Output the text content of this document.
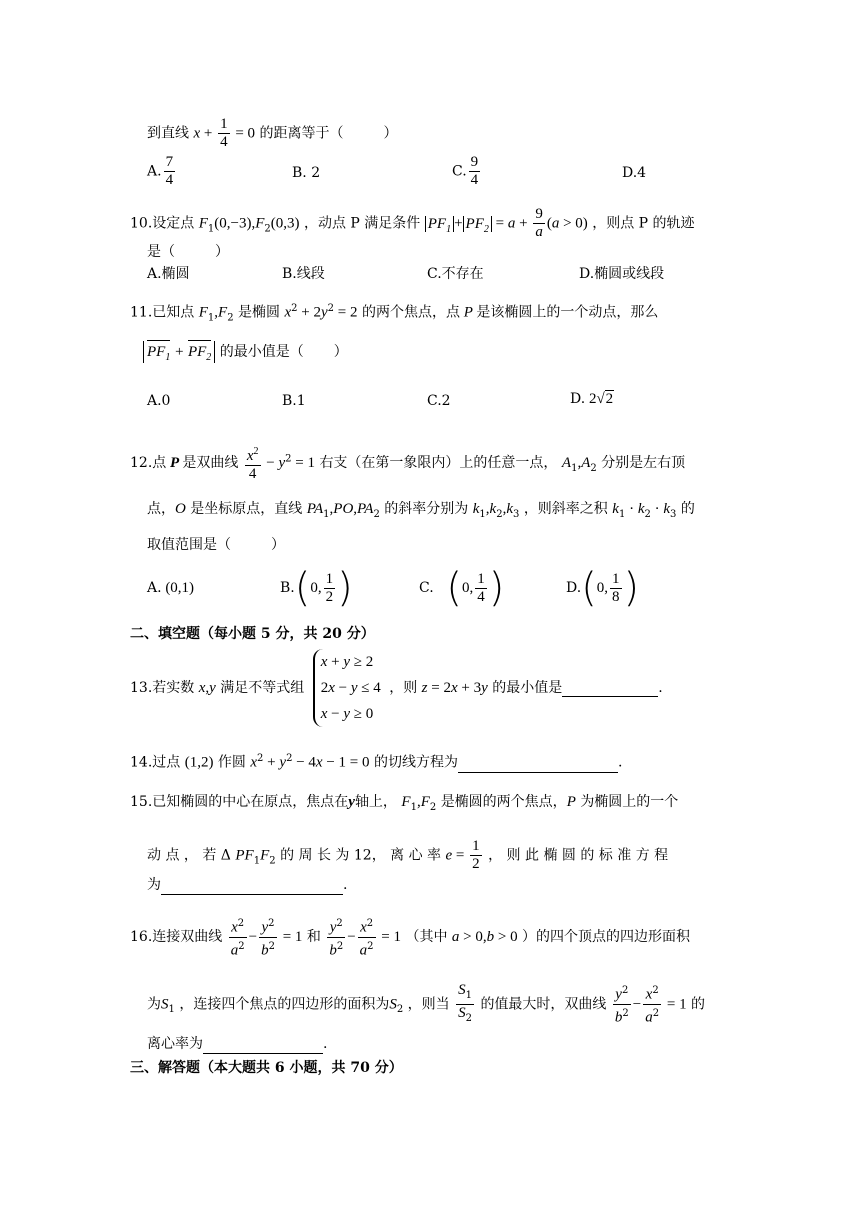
到直线 $x + \frac{1}{4} = 0$ 的距离等于（	）
A. $\frac{7}{4}$	B. 2	C. $\frac{9}{4}$	D.4
10.设定点 $F_1(0,-3),F_2(0,3)$ ，动点 P 满足条件 $PF_1 + PF_2 = a + \frac{9}{a} (a > 0)$ ，则点 P 的轨迹
是（	）
A.椭圆	B.线段	C.不存在	D.椭圆或线段
11.已知点 $F_1,F_2$ 是椭圆 $x^2 + 2y^2 = 2$ 的两个焦点，点 P 是该椭圆上的一个动点，那么
$PF_1 + PF_2$ 的最小值是（ ）
A.0	B.1	C.2	D. 2√2
12.点 P 是双曲线 $\frac{x^2}{4} - y^2 = 1$ 右支（在第一象限内）上的任意一点， $A_1,A_2$ 分别是左右顶
点，O 是坐标原点，直线 $PA_1,PO,PA_2$ 的斜率分别为 $k_1,k_2,k_3$ ，则斜率之积 $k_1 \cdot k_2 \cdot k_3$ 的
取值范围是（	）
A. (0,1)	B.(0, $\frac{1}{2}$ )	C. (0, $\frac{1}{4}$ )	D.(0, $\frac{1}{8}$ )
二、填空题（每小题 5 分，共 20 分）
13.若实数 x,y 满足不等式组
x + y ≥ 2
2x − y ≤ 4
x − y ≥ 0
，则 z = 2x + 3y 的最小值是	.
14.过点 (1,2) 作圆 $x^2 + y^2 - 4x - 1 = 0$ 的切线方程为	.
15.已知椭圆的中心在原点，焦点在y轴上， $F_1,F_2$ 是椭圆的两个焦点，P 为椭圆上的一个
动 点 ， 若 Δ $PF_1F_2$ 的 周 长 为 12， 离 心 率 $e = \frac{1}{2}$ ， 则 此 椭 圆 的 标 准 方 程
为	.
16.连接双曲线 $\frac{x^2}{a^2} - \frac{y^2}{b^2} = 1$ 和 $\frac{y^2}{b^2} - \frac{x^2}{a^2} = 1$ （其中 a > 0,b > 0 ）的四个顶点的四边形面积
为$S_1$ ，连接四个焦点的四边形的面积为$S_2$ ，则当 $\frac{S_1}{S_2}$ 的值最大时，双曲线 $\frac{y^2}{b^2} - \frac{x^2}{a^2} = 1$ 的
离心率为	.
三、解答题（本大题共 6 小题，共 70 分）
